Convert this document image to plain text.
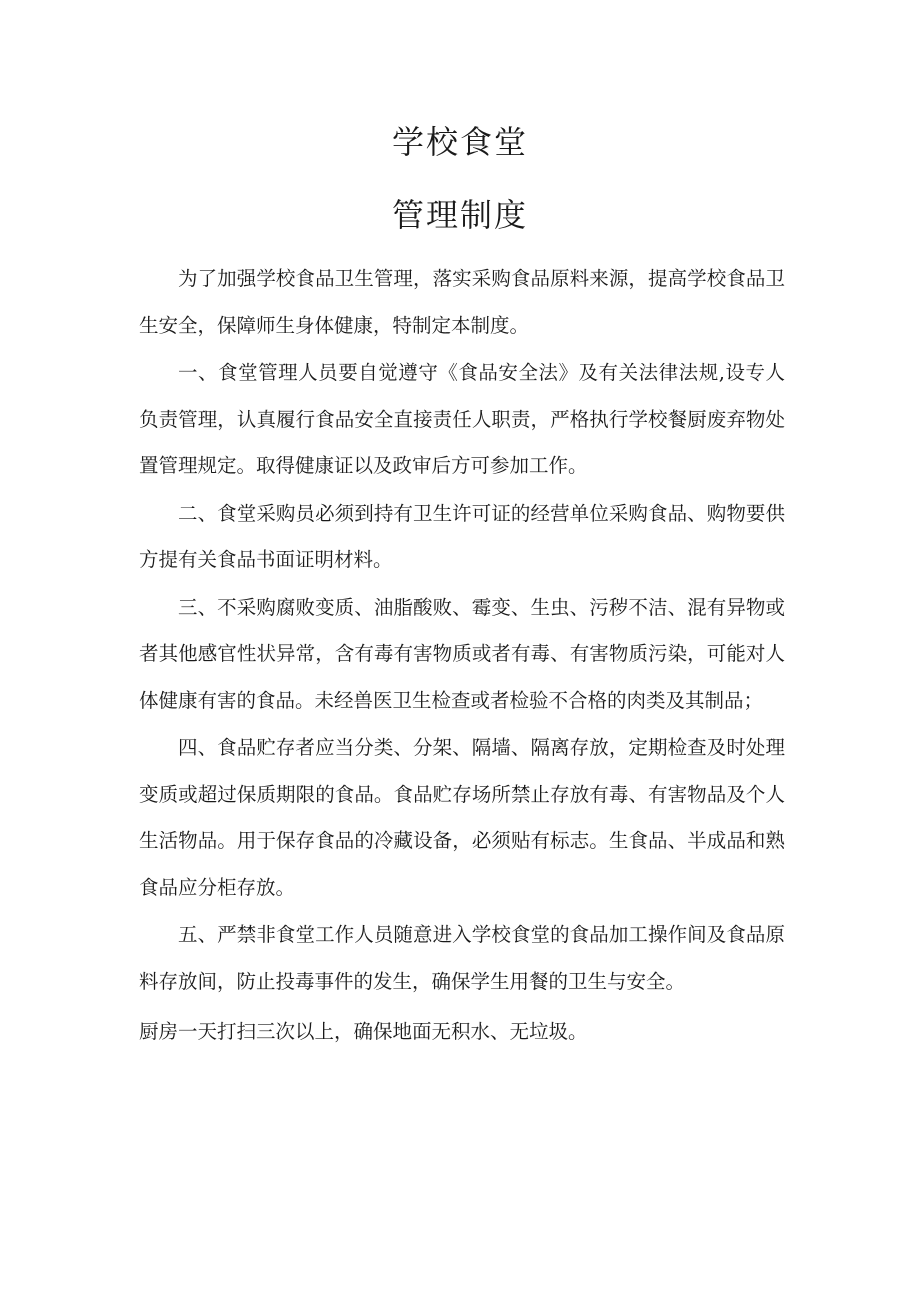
学校食堂
管理制度

为了加强学校食品卫生管理，落实采购食品原料来源，提高学校食品卫生安全，保障师生身体健康，特制定本制度。

一、食堂管理人员要自觉遵守《食品安全法》及有关法律法规,设专人负责管理，认真履行食品安全直接责任人职责，严格执行学校餐厨废弃物处置管理规定。取得健康证以及政审后方可参加工作。

二、食堂采购员必须到持有卫生许可证的经营单位采购食品、购物要供方提有关食品书面证明材料。

三、不采购腐败变质、油脂酸败、霉变、生虫、污秽不洁、混有异物或者其他感官性状异常，含有毒有害物质或者有毒、有害物质污染，可能对人体健康有害的食品。未经兽医卫生检查或者检验不合格的肉类及其制品；

四、食品贮存者应当分类、分架、隔墙、隔离存放，定期检查及时处理变质或超过保质期限的食品。食品贮存场所禁止存放有毒、有害物品及个人生活物品。用于保存食品的冷藏设备，必须贴有标志。生食品、半成品和熟食品应分柜存放。

五、严禁非食堂工作人员随意进入学校食堂的食品加工操作间及食品原料存放间，防止投毒事件的发生，确保学生用餐的卫生与安全。

厨房一天打扫三次以上，确保地面无积水、无垃圾。
